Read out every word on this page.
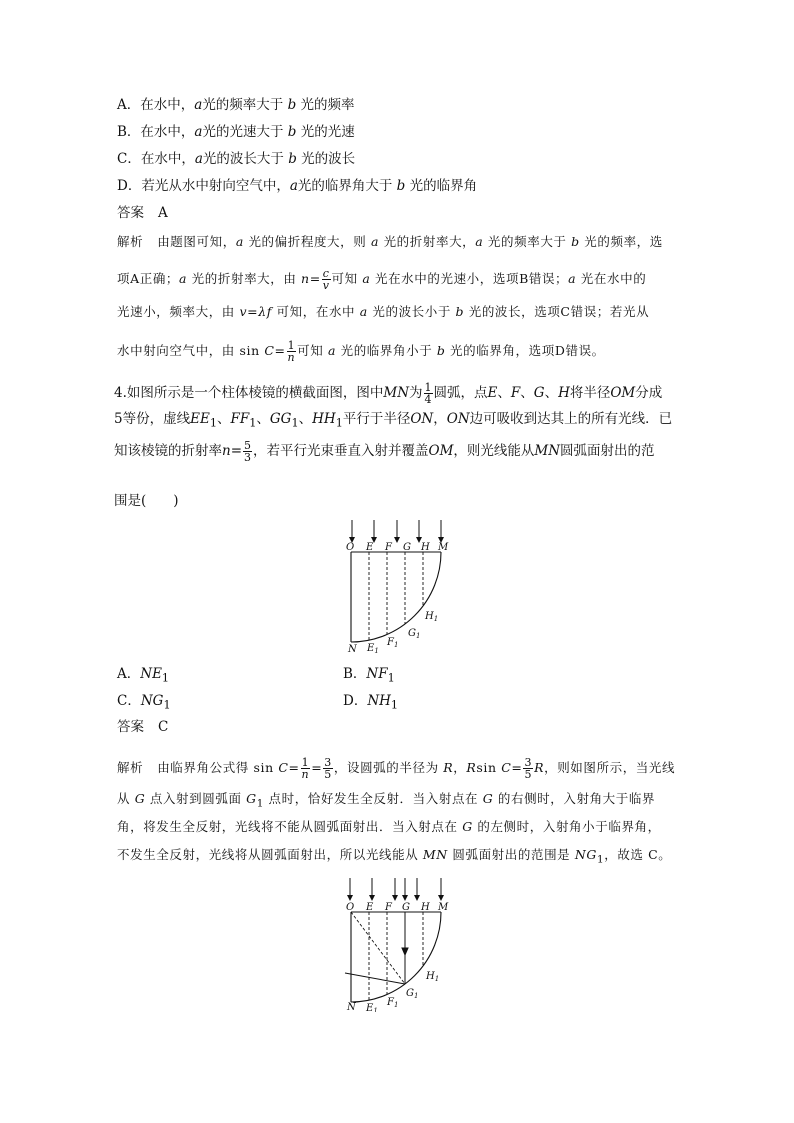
A．在水中，a光的频率大于 b 光的频率
B．在水中，a光的光速大于 b 光的光速
C．在水中，a光的波长大于 b 光的波长
D．若光从水中射向空气中，a光的临界角大于 b 光的临界角
答案 A
解析 由题图可知，a 光的偏折程度大，则 a 光的折射率大，a 光的频率大于 b 光的频率，选
项A正确；a 光的折射率大，由 $n= \frac{c}{v}$ 可知 a 光在水中的光速小，选项B错误；a 光在水中的
光速小，频率大，由 v=λf 可知，在水中 a 光的波长小于 b 光的波长，选项C错误；若光从
水中射向空气中，由 $\sin C= \frac{1}{n}$ 可知 a 光的临界角小于 b 光的临界角，选项D错误。
4.如图所示是一个柱体棱镜的横截面图，图中MN为 $\frac{1}{4}$ 圆弧，点E、F、G、H将半径OM分成
5等份，虚线$EE_1$、$FF_1$、$GG_1$、$HH_1$平行于半径ON，ON边可吸收到达其上的所有光线．已
知该棱镜的折射率$n= \frac{5}{3}$ ，若平行光束垂直入射并覆盖OM，则光线能从MN圆弧面射出的范
围是(　　)
O E F G H M
N $E_1$
$F_1$
$G_1$
$H_1$
A．$NE_1$	B．$NF_1$
C．$NG_1$	D．$NH_1$
答案 C
解析 由临界角公式得 $\sin C= \frac{1}{n} = \frac{3}{5}$ ，设圆弧的半径为 R，Rsin $C= \frac{3}{5}$ R，则如图所示，当光线
从 G 点入射到圆弧面 $G_1$ 点时，恰好发生全反射．当入射点在 G 的右侧时，入射角大于临界
角，将发生全反射，光线将不能从圆弧面射出．当入射点在 G 的左侧时，入射角小于临界角，
不发生全反射，光线将从圆弧面射出，所以光线能从 MN 圆弧面射出的范围是 $NG_1$，故选 C。
O E F G H M
N $E_1$
$F_1$
$G_1$
$H_1$
